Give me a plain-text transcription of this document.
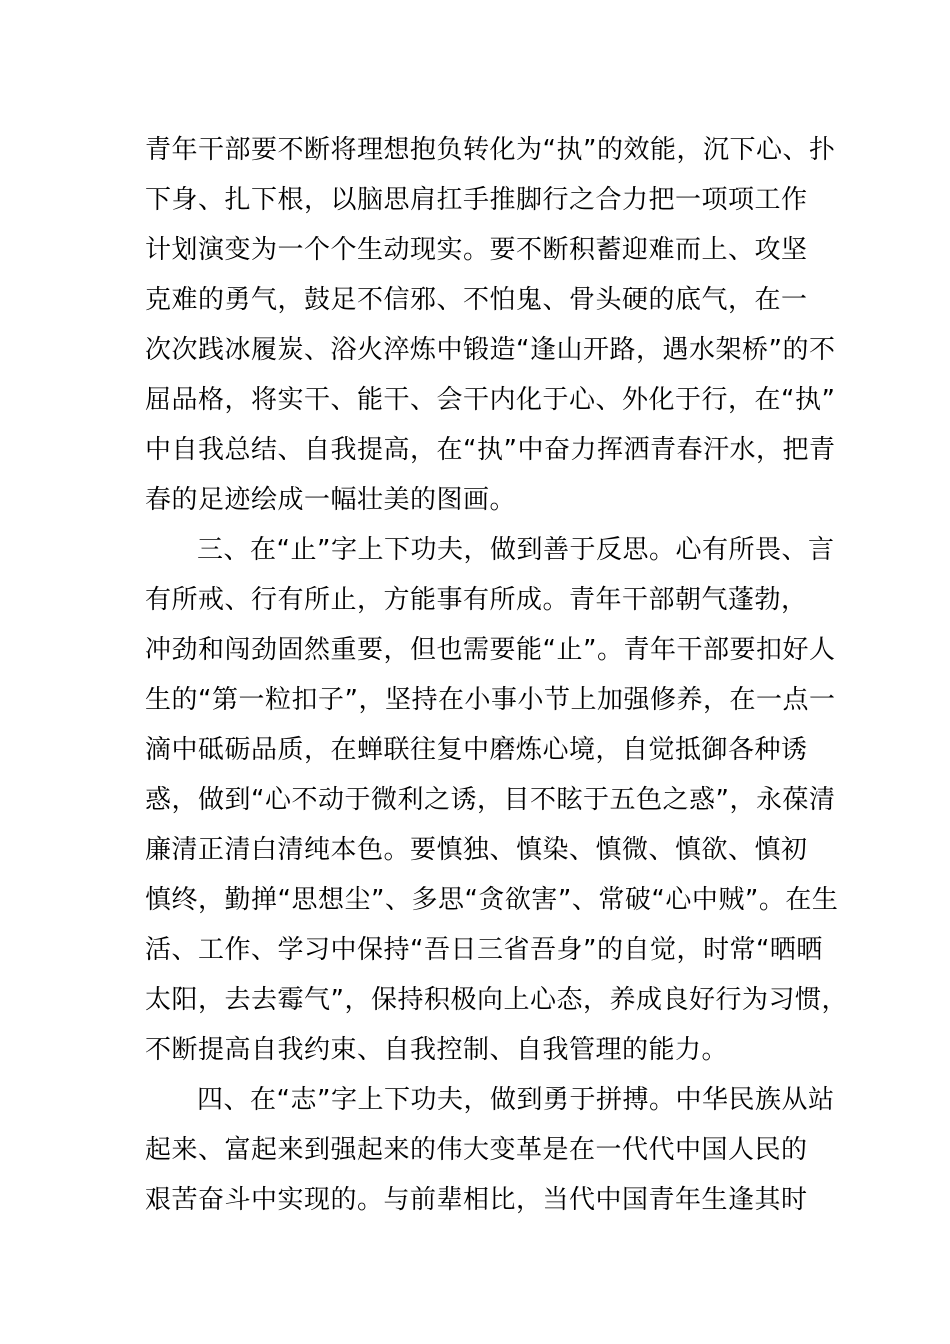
青年干部要不断将理想抱负转化为“执”的效能，沉下心、扑
下身、扎下根，以脑思肩扛手推脚行之合力把一项项工作
计划演变为一个个生动现实。要不断积蓄迎难而上、攻坚
克难的勇气，鼓足不信邪、不怕鬼、骨头硬的底气，在一
次次践冰履炭、浴火淬炼中锻造“逢山开路，遇水架桥”的不
屈品格，将实干、能干、会干内化于心、外化于行，在“执”
中自我总结、自我提高，在“执”中奋力挥洒青春汗水，把青
春的足迹绘成一幅壮美的图画。
三、在“止”字上下功夫，做到善于反思。心有所畏、言
有所戒、行有所止，方能事有所成。青年干部朝气蓬勃，
冲劲和闯劲固然重要，但也需要能“止”。青年干部要扣好人
生的“第一粒扣子”，坚持在小事小节上加强修养，在一点一
滴中砥砺品质，在蝉联往复中磨炼心境，自觉抵御各种诱
惑，做到“心不动于微利之诱，目不眩于五色之惑”，永葆清
廉清正清白清纯本色。要慎独、慎染、慎微、慎欲、慎初
慎终，勤掸“思想尘”、多思“贪欲害”、常破“心中贼”。在生
活、工作、学习中保持“吾日三省吾身”的自觉，时常“晒晒
太阳，去去霉气”，保持积极向上心态，养成良好行为习惯，
不断提高自我约束、自我控制、自我管理的能力。
四、在“志”字上下功夫，做到勇于拼搏。中华民族从站
起来、富起来到强起来的伟大变革是在一代代中国人民的
艰苦奋斗中实现的。与前辈相比，当代中国青年生逢其时
